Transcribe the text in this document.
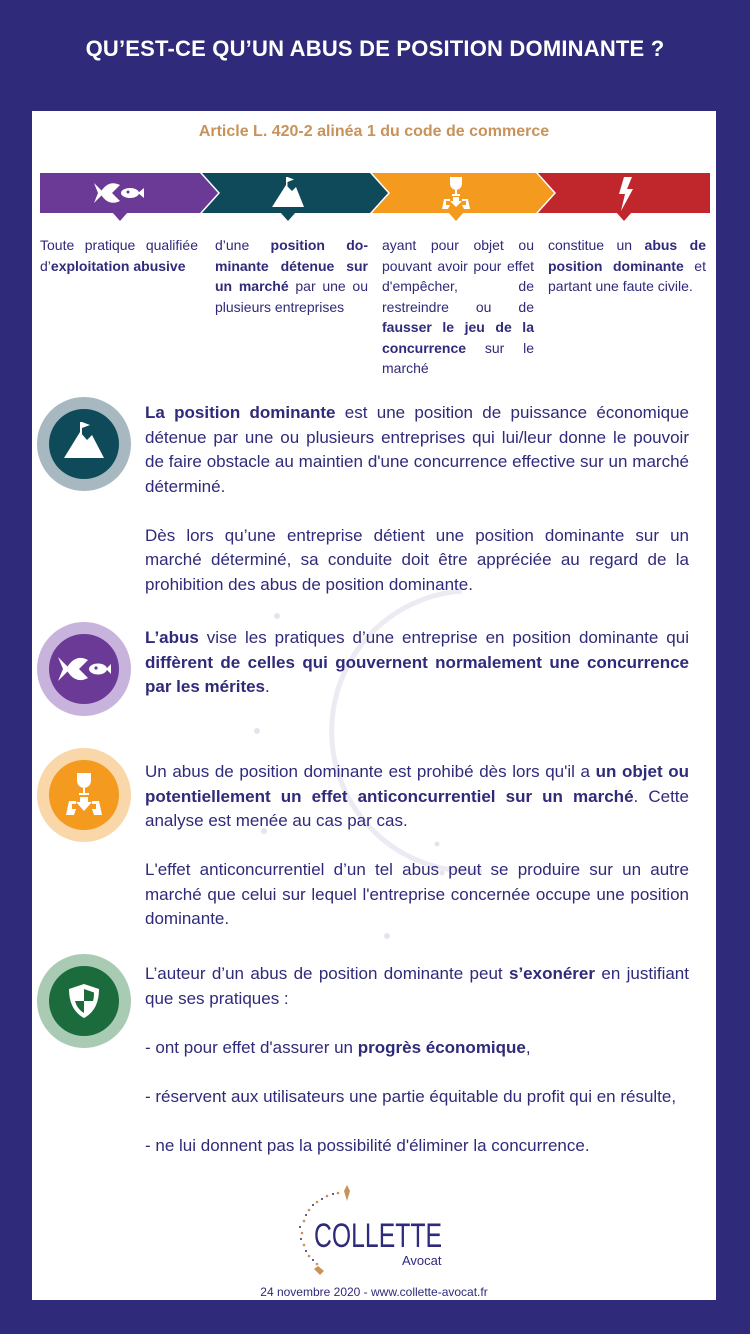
QU’EST-CE QU’UN ABUS DE POSITION DOMINANTE ?
Article L. 420-2 alinéa 1 du code de commerce
Toute pratique qualifiée d’exploitation abusive
d’une position dominante détenue sur un marché par une ou plusieurs entreprises
ayant pour objet ou pouvant avoir pour effet d'empêcher, de restreindre ou de fausser le jeu de la concurrence sur le marché
constitue un abus de position dominante et partant une faute civile.
La position dominante est une position de puissance économique détenue par une ou plusieurs entreprises qui lui/leur donne le pouvoir de faire obstacle au maintien d'une concurrence effective sur un marché déterminé.

Dès lors qu’une entreprise détient une position dominante sur un marché déterminé, sa conduite doit être appréciée au regard de la prohibition des abus de position dominante.
L’abus vise les pratiques d’une entreprise en position dominante qui diffèrent de celles qui gouvernent normalement une concurrence par les mérites.
Un abus de position dominante est prohibé dès lors qu'il a un objet ou potentiellement un effet anticoncurrentiel sur un marché. Cette analyse est menée au cas par cas.

L'effet anticoncurrentiel d’un tel abus peut se produire sur un autre marché que celui sur lequel l'entreprise concernée occupe une position dominante.
L’auteur d’un abus de position dominante peut s’exonérer en justifiant que ses pratiques :

- ont pour effet d'assurer un progrès économique,

- réservent aux utilisateurs une partie équitable du profit qui en résulte,

- ne lui donnent pas la possibilité d'éliminer la concurrence.
COLLETTE
Avocat
24 novembre 2020 - www.collette-avocat.fr
